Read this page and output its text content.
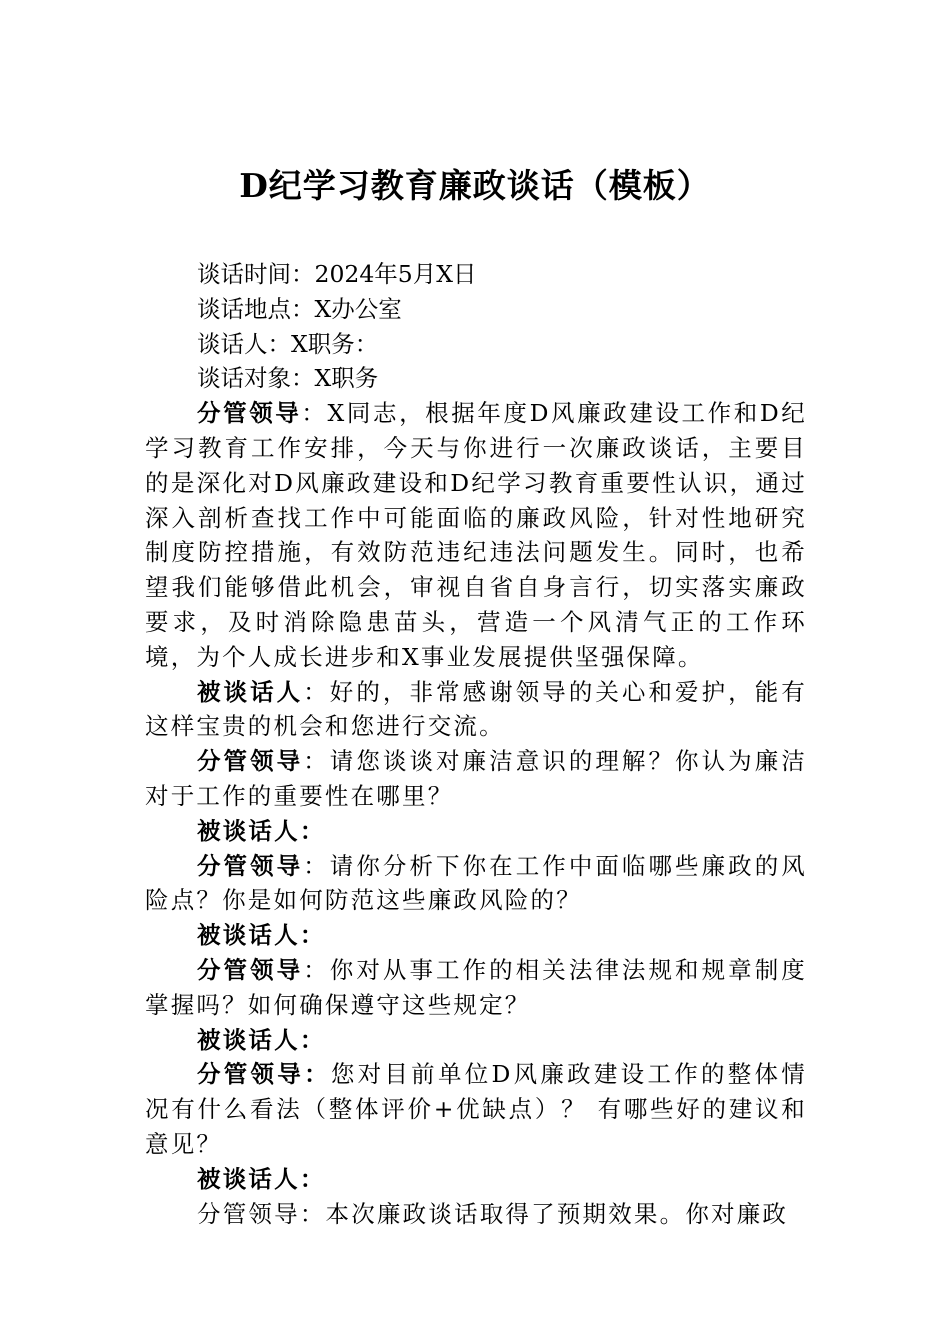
D纪学习教育廉政谈话（模板）

谈话时间：2024年5月X日

谈话地点：X办公室

谈话人：X职务：

谈话对象：X职务

分管领导：X同志，根据年度D风廉政建设工作和D纪学习教育工作安排，今天与你进行一次廉政谈话，主要目的是深化对D风廉政建设和D纪学习教育重要性认识，通过深入剖析查找工作中可能面临的廉政风险，针对性地研究制度防控措施，有效防范违纪违法问题发生。同时，也希望我们能够借此机会，审视自省自身言行，切实落实廉政要求，及时消除隐患苗头，营造一个风清气正的工作环境，为个人成长进步和X事业发展提供坚强保障。

被谈话人：好的，非常感谢领导的关心和爱护，能有这样宝贵的机会和您进行交流。

分管领导：请您谈谈对廉洁意识的理解？你认为廉洁对于工作的重要性在哪里？

被谈话人：

分管领导：请你分析下你在工作中面临哪些廉政的风险点？你是如何防范这些廉政风险的？

被谈话人：

分管领导：你对从事工作的相关法律法规和规章制度掌握吗？如何确保遵守这些规定？

被谈话人：

分管领导：您对目前单位D风廉政建设工作的整体情况有什么看法（整体评价+优缺点）？ 有哪些好的建议和意见？

被谈话人：

分管领导：本次廉政谈话取得了预期效果。你对廉政
